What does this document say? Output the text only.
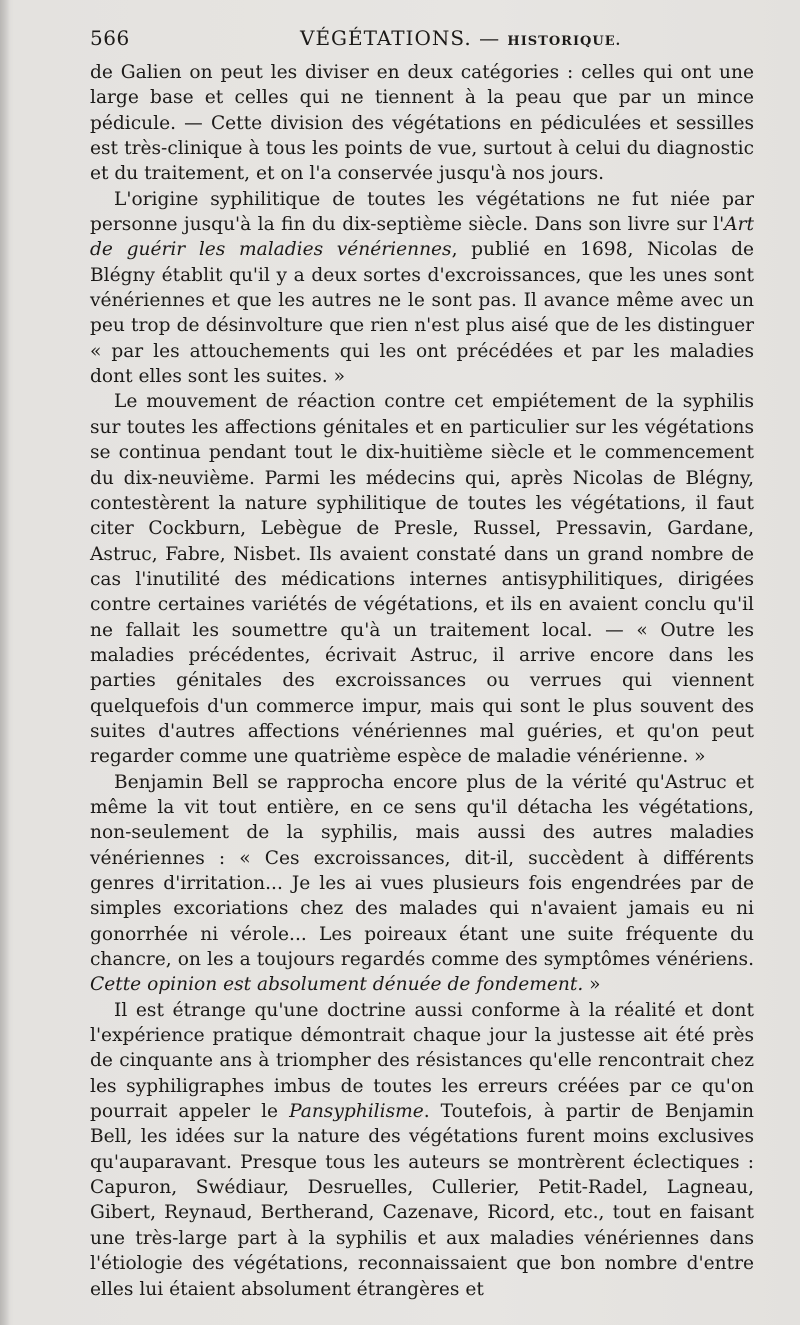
566	VÉGÉTATIONS. — HISTORIQUE.

de Galien on peut les diviser en deux catégories : celles qui ont une large base et celles qui ne tiennent à la peau que par un mince pédicule. — Cette division des végétations en pédiculées et sessilles est très-clinique à tous les points de vue, surtout à celui du diagnostic et du traitement, et on l'a conservée jusqu'à nos jours.

L'origine syphilitique de toutes les végétations ne fut niée par personne jusqu'à la fin du dix-septième siècle. Dans son livre sur l'Art de guérir les maladies vénériennes, publié en 1698, Nicolas de Blégny établit qu'il y a deux sortes d'excroissances, que les unes sont vénériennes et que les autres ne le sont pas. Il avance même avec un peu trop de désinvolture que rien n'est plus aisé que de les distinguer « par les attouchements qui les ont précédées et par les maladies dont elles sont les suites. »

Le mouvement de réaction contre cet empiétement de la syphilis sur toutes les affections génitales et en particulier sur les végétations se continua pendant tout le dix-huitième siècle et le commencement du dix-neuvième. Parmi les médecins qui, après Nicolas de Blégny, contestèrent la nature syphilitique de toutes les végétations, il faut citer Cockburn, Lebègue de Presle, Russel, Pressavin, Gardane, Astruc, Fabre, Nisbet. Ils avaient constaté dans un grand nombre de cas l'inutilité des médications internes antisyphilitiques, dirigées contre certaines variétés de végétations, et ils en avaient conclu qu'il ne fallait les soumettre qu'à un traitement local. — « Outre les maladies précédentes, écrivait Astruc, il arrive encore dans les parties génitales des excroissances ou verrues qui viennent quelquefois d'un commerce impur, mais qui sont le plus souvent des suites d'autres affections vénériennes mal guéries, et qu'on peut regarder comme une quatrième espèce de maladie vénérienne. »

Benjamin Bell se rapprocha encore plus de la vérité qu'Astruc et même la vit tout entière, en ce sens qu'il détacha les végétations, non-seulement de la syphilis, mais aussi des autres maladies vénériennes : « Ces excroissances, dit-il, succèdent à différents genres d'irritation... Je les ai vues plusieurs fois engendrées par de simples excoriations chez des malades qui n'avaient jamais eu ni gonorrhée ni vérole... Les poireaux étant une suite fréquente du chancre, on les a toujours regardés comme des symptômes vénériens. Cette opinion est absolument dénuée de fondement. »

Il est étrange qu'une doctrine aussi conforme à la réalité et dont l'expérience pratique démontrait chaque jour la justesse ait été près de cinquante ans à triompher des résistances qu'elle rencontrait chez les syphiligraphes imbus de toutes les erreurs créées par ce qu'on pourrait appeler le Pansyphilisme. Toutefois, à partir de Benjamin Bell, les idées sur la nature des végétations furent moins exclusives qu'auparavant. Presque tous les auteurs se montrèrent éclectiques : Capuron, Swédiaur, Desruelles, Cullerier, Petit-Radel, Lagneau, Gibert, Reynaud, Bertherand, Cazenave, Ricord, etc., tout en faisant une très-large part à la syphilis et aux maladies vénériennes dans l'étiologie des végétations, reconnaissaient que bon nombre d'entre elles lui étaient absolument étrangères et
